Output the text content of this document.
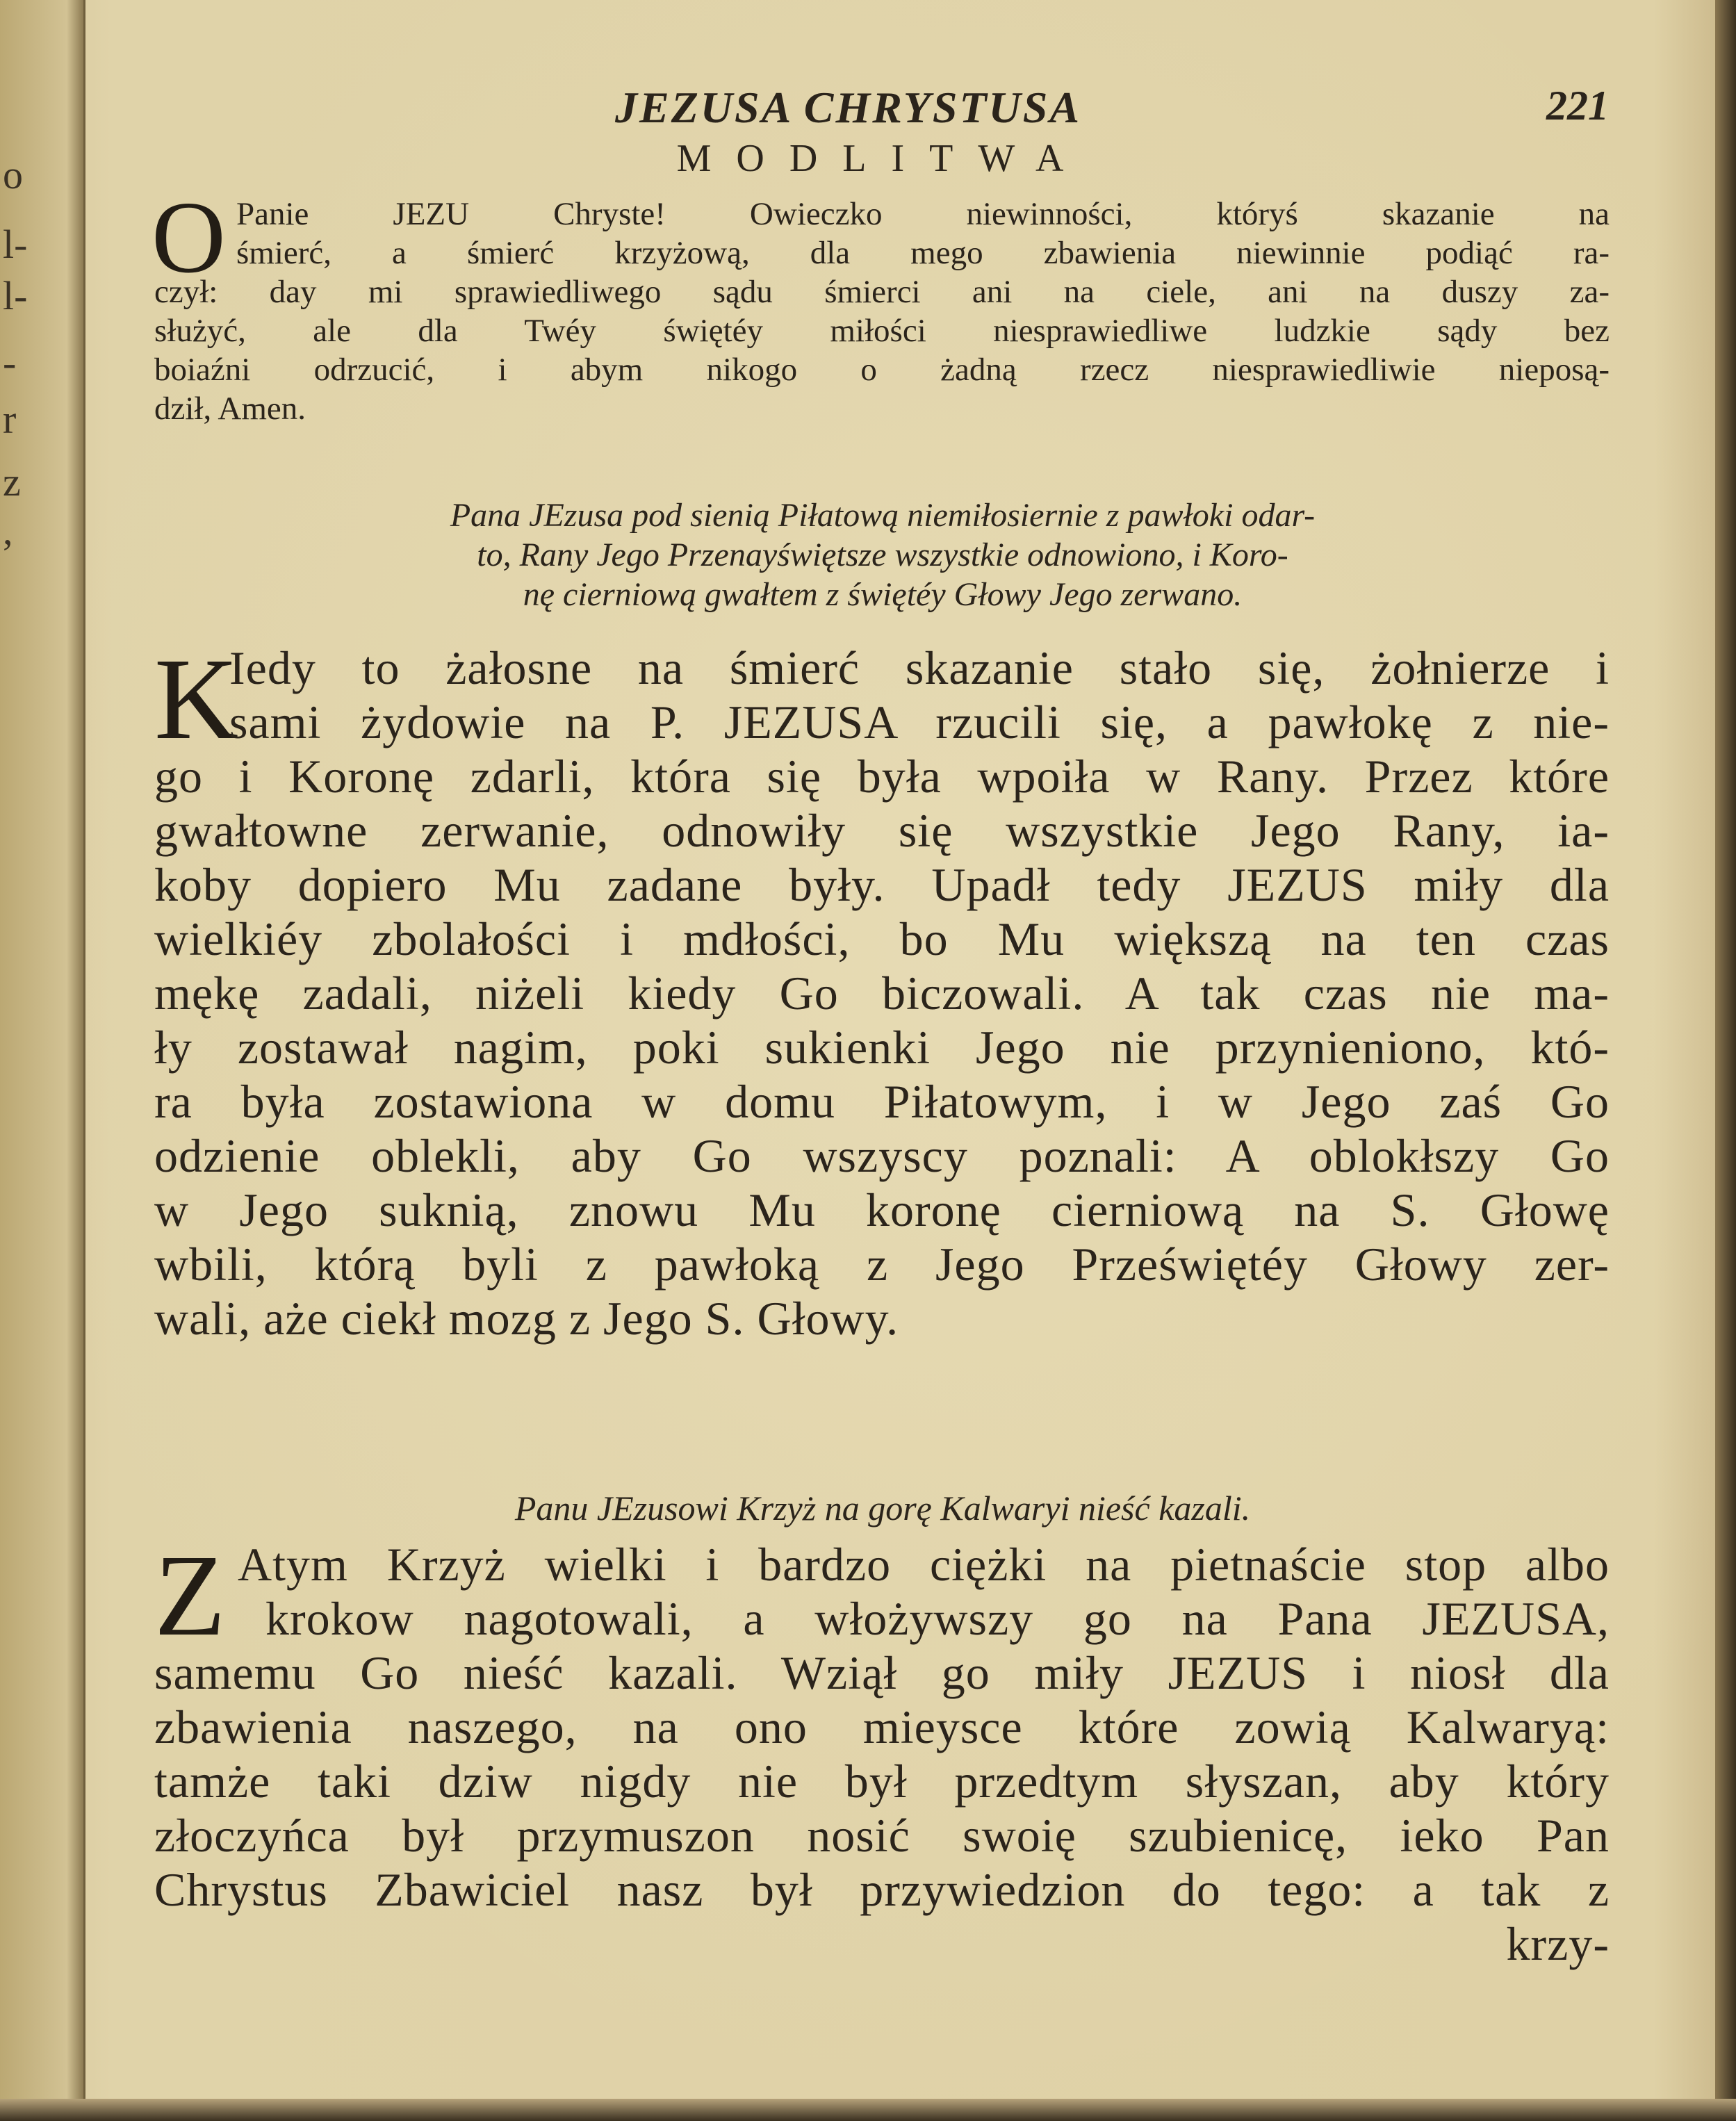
o
l-
l-
-
r
z
,
JEZUSA CHRYSTUSA	221
MODLITWA
O Panie JEZU Chryste! Owieczko niewinności, któryś skazanie na
śmierć, a śmierć krzyżową, dla mego zbawienia niewinnie podiąć ra-
czył: day mi sprawiedliwego sądu śmierci ani na ciele, ani na duszy za-
służyć, ale dla Twéy świętéy miłości niesprawiedliwe ludzkie sądy bez
boiaźni odrzucić, i abym nikogo o żadną rzecz niesprawiedliwie nieposą-
dził, Amen.
Pana JEzusa pod sienią Piłatową niemiłosiernie z pawłoki odar-
to, Rany Jego Przenayświętsze wszystkie odnowiono, i Koro-
nę cierniową gwałtem z świętéy Głowy Jego zerwano.
K
Iedy to żałosne na śmierć skazanie stało się, żołnierze i
sami żydowie na P. JEZUSA rzucili się, a pawłokę z nie-
go i Koronę zdarli, która się była wpoiła w Rany. Przez które
gwałtowne zerwanie, odnowiły się wszystkie Jego Rany, ia-
koby dopiero Mu zadane były. Upadł tedy JEZUS miły dla
wielkiéy zbolałości i mdłości, bo Mu większą na ten czas
mękę zadali, niżeli kiedy Go biczowali. A tak czas nie ma-
ły zostawał nagim, poki sukienki Jego nie przynieniono, któ-
ra była zostawiona w domu Piłatowym, i w Jego zaś Go
odzienie oblekli, aby Go wszyscy poznali: A oblokłszy Go
w Jego suknią, znowu Mu koronę cierniową na S. Głowę
wbili, którą byli z pawłoką z Jego Przeświętéy Głowy zer-
wali, aże ciekł mozg z Jego S. Głowy.
Panu JEzusowi Krzyż na gorę Kalwaryi nieść kazali.
Z Atym Krzyż wielki i bardzo ciężki na pietnaście stop albo
krokow nagotowali, a włożywszy go na Pana JEZUSA,
samemu Go nieść kazali. Wziął go miły JEZUS i niosł dla
zbawienia naszego, na ono mieysce które zowią Kalwaryą:
tamże taki dziw nigdy nie był przedtym słyszan, aby który
złoczyńca był przymuszon nosić swoię szubienicę, ieko Pan
Chrystus Zbawiciel nasz był przywiedzion do tego: a tak z
krzy-
